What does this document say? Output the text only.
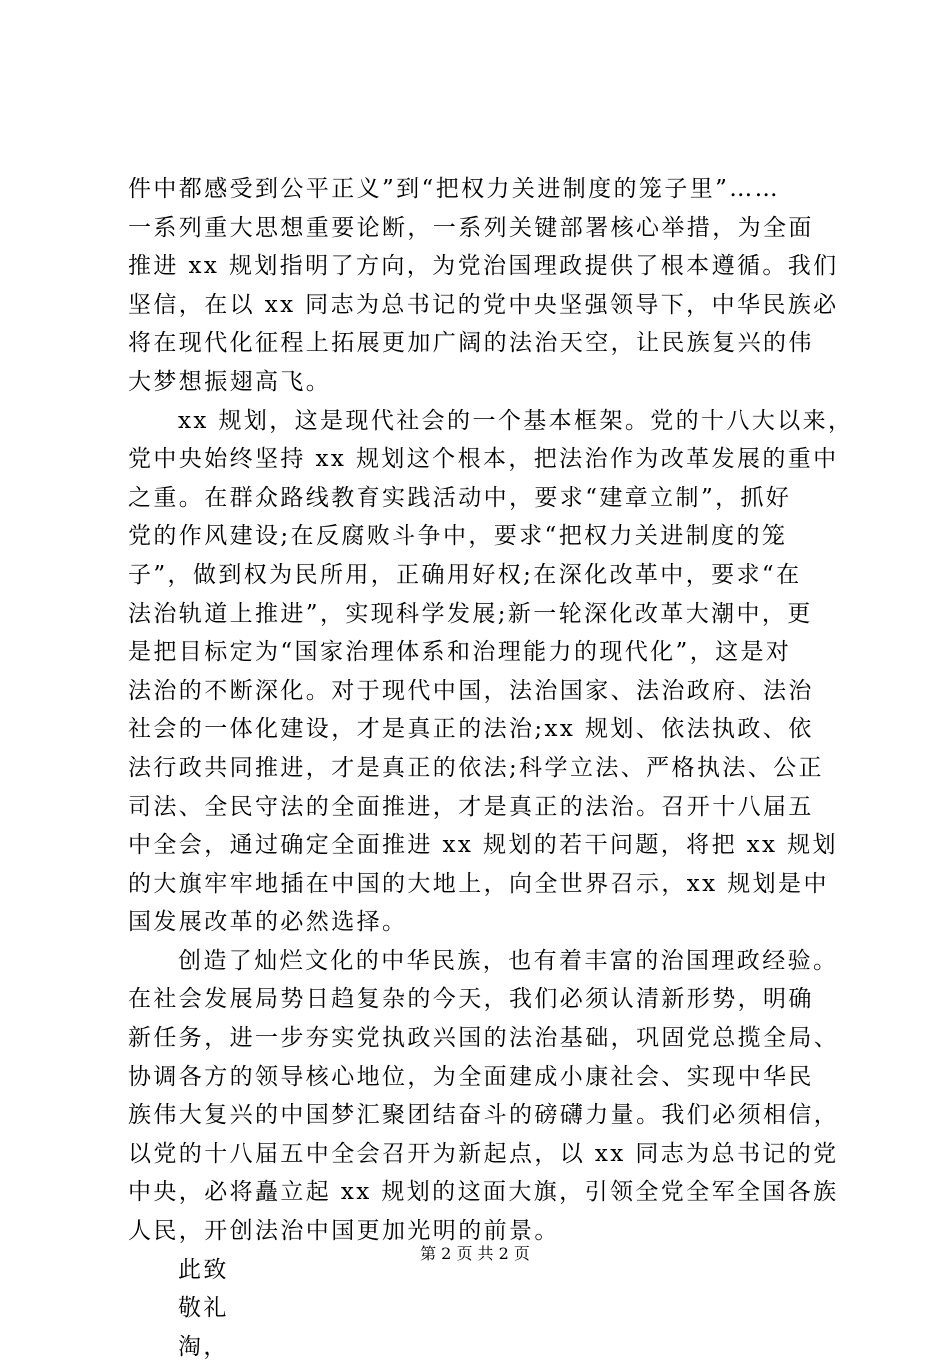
件中都感受到公平正义”到“把权力关进制度的笼子里”……
一系列重大思想重要论断，一系列关键部署核心举措，为全面
推进 xx 规划指明了方向，为党治国理政提供了根本遵循。我们
坚信，在以 xx 同志为总书记的党中央坚强领导下，中华民族必
将在现代化征程上拓展更加广阔的法治天空，让民族复兴的伟
大梦想振翅高飞。
xx 规划，这是现代社会的一个基本框架。党的十八大以来，
党中央始终坚持 xx 规划这个根本，把法治作为改革发展的重中
之重。在群众路线教育实践活动中，要求“建章立制”，抓好
党的作风建设;在反腐败斗争中，要求“把权力关进制度的笼
子”，做到权为民所用，正确用好权;在深化改革中，要求“在
法治轨道上推进”，实现科学发展;新一轮深化改革大潮中，更
是把目标定为“国家治理体系和治理能力的现代化”，这是对
法治的不断深化。对于现代中国，法治国家、法治政府、法治
社会的一体化建设，才是真正的法治;xx 规划、依法执政、依
法行政共同推进，才是真正的依法;科学立法、严格执法、公正
司法、全民守法的全面推进，才是真正的法治。召开十八届五
中全会，通过确定全面推进 xx 规划的若干问题，将把 xx 规划
的大旗牢牢地插在中国的大地上，向全世界召示，xx 规划是中
国发展改革的必然选择。
创造了灿烂文化的中华民族，也有着丰富的治国理政经验。
在社会发展局势日趋复杂的今天，我们必须认清新形势，明确
新任务，进一步夯实党执政兴国的法治基础，巩固党总揽全局、
协调各方的领导核心地位，为全面建成小康社会、实现中华民
族伟大复兴的中国梦汇聚团结奋斗的磅礴力量。我们必须相信，
以党的十八届五中全会召开为新起点，以 xx 同志为总书记的党
中央，必将矗立起 xx 规划的这面大旗，引领全党全军全国各族
人民，开创法治中国更加光明的前景。
此致
敬礼
淘，
第 2 页 共 2 页
